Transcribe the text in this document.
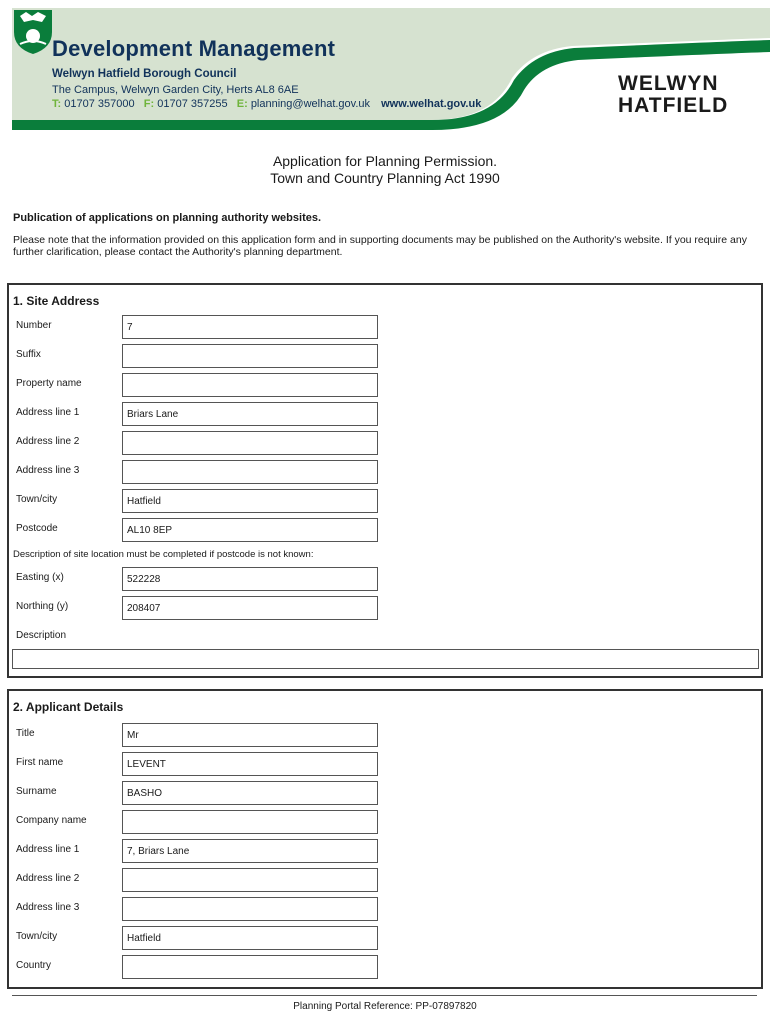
Development Management
Welwyn Hatfield Borough Council
The Campus, Welwyn Garden City, Herts AL8 6AE
T: 01707 357000 F: 01707 357255 E: planning@welhat.gov.uk www.welhat.gov.uk
WELWYN
HATFIELD
Application for Planning Permission.
Town and Country Planning Act 1990
Publication of applications on planning authority websites.
Please note that the information provided on this application form and in supporting documents may be published on the Authority's website. If you require any further clarification, please contact the Authority's planning department.
1. Site Address
Number	7
Suffix
Property name
Address line 1	Briars Lane
Address line 2
Address line 3
Town/city	Hatfield
Postcode	AL10 8EP
Description of site location must be completed if postcode is not known:
Easting (x)	522228
Northing (y)	208407
Description
2. Applicant Details
Title	Mr
First name	LEVENT
Surname	BASHO
Company name
Address line 1	7, Briars Lane
Address line 2
Address line 3
Town/city	Hatfield
Country
Planning Portal Reference: PP-07897820
